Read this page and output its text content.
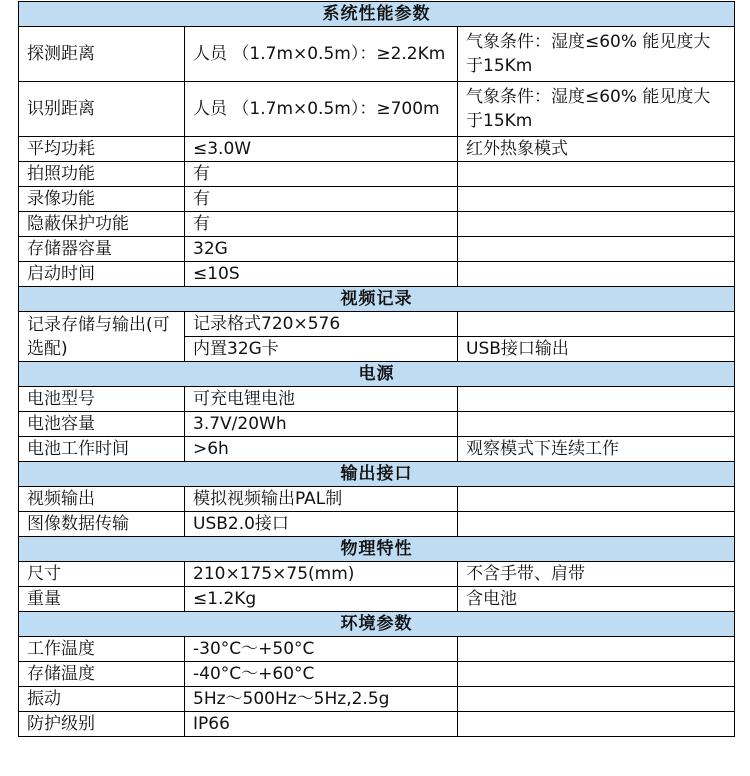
系统性能参数		
探测距离	人员 （1.7m×0.5m）：≥2.2Km	气象条件：湿度≤60% 能见度大于15Km
识别距离	人员 （1.7m×0.5m）：≥700m	气象条件：湿度≤60% 能见度大于15Km
平均功耗	≤3.0W	红外热象模式
拍照功能	有	
录像功能	有	
隐蔽保护功能	有	
存储器容量	32G	
启动时间	≤10S	
视频记录		
记录存储与输出(可选配)	记录格式720×576	
	内置32G卡	USB接口输出
电源		
电池型号	可充电锂电池	
电池容量	3.7V/20Wh	
电池工作时间	>6h	观察模式下连续工作
输出接口		
视频输出	模拟视频输出PAL制	
图像数据传输	USB2.0接口	
物理特性		
尺寸	210×175×75(mm)	不含手带、肩带
重量	≤1.2Kg	含电池
环境参数		
工作温度	-30°C～+50°C	
存储温度	-40°C～+60°C	
振动	5Hz～500Hz～5Hz,2.5g	
防护级别	IP66	
